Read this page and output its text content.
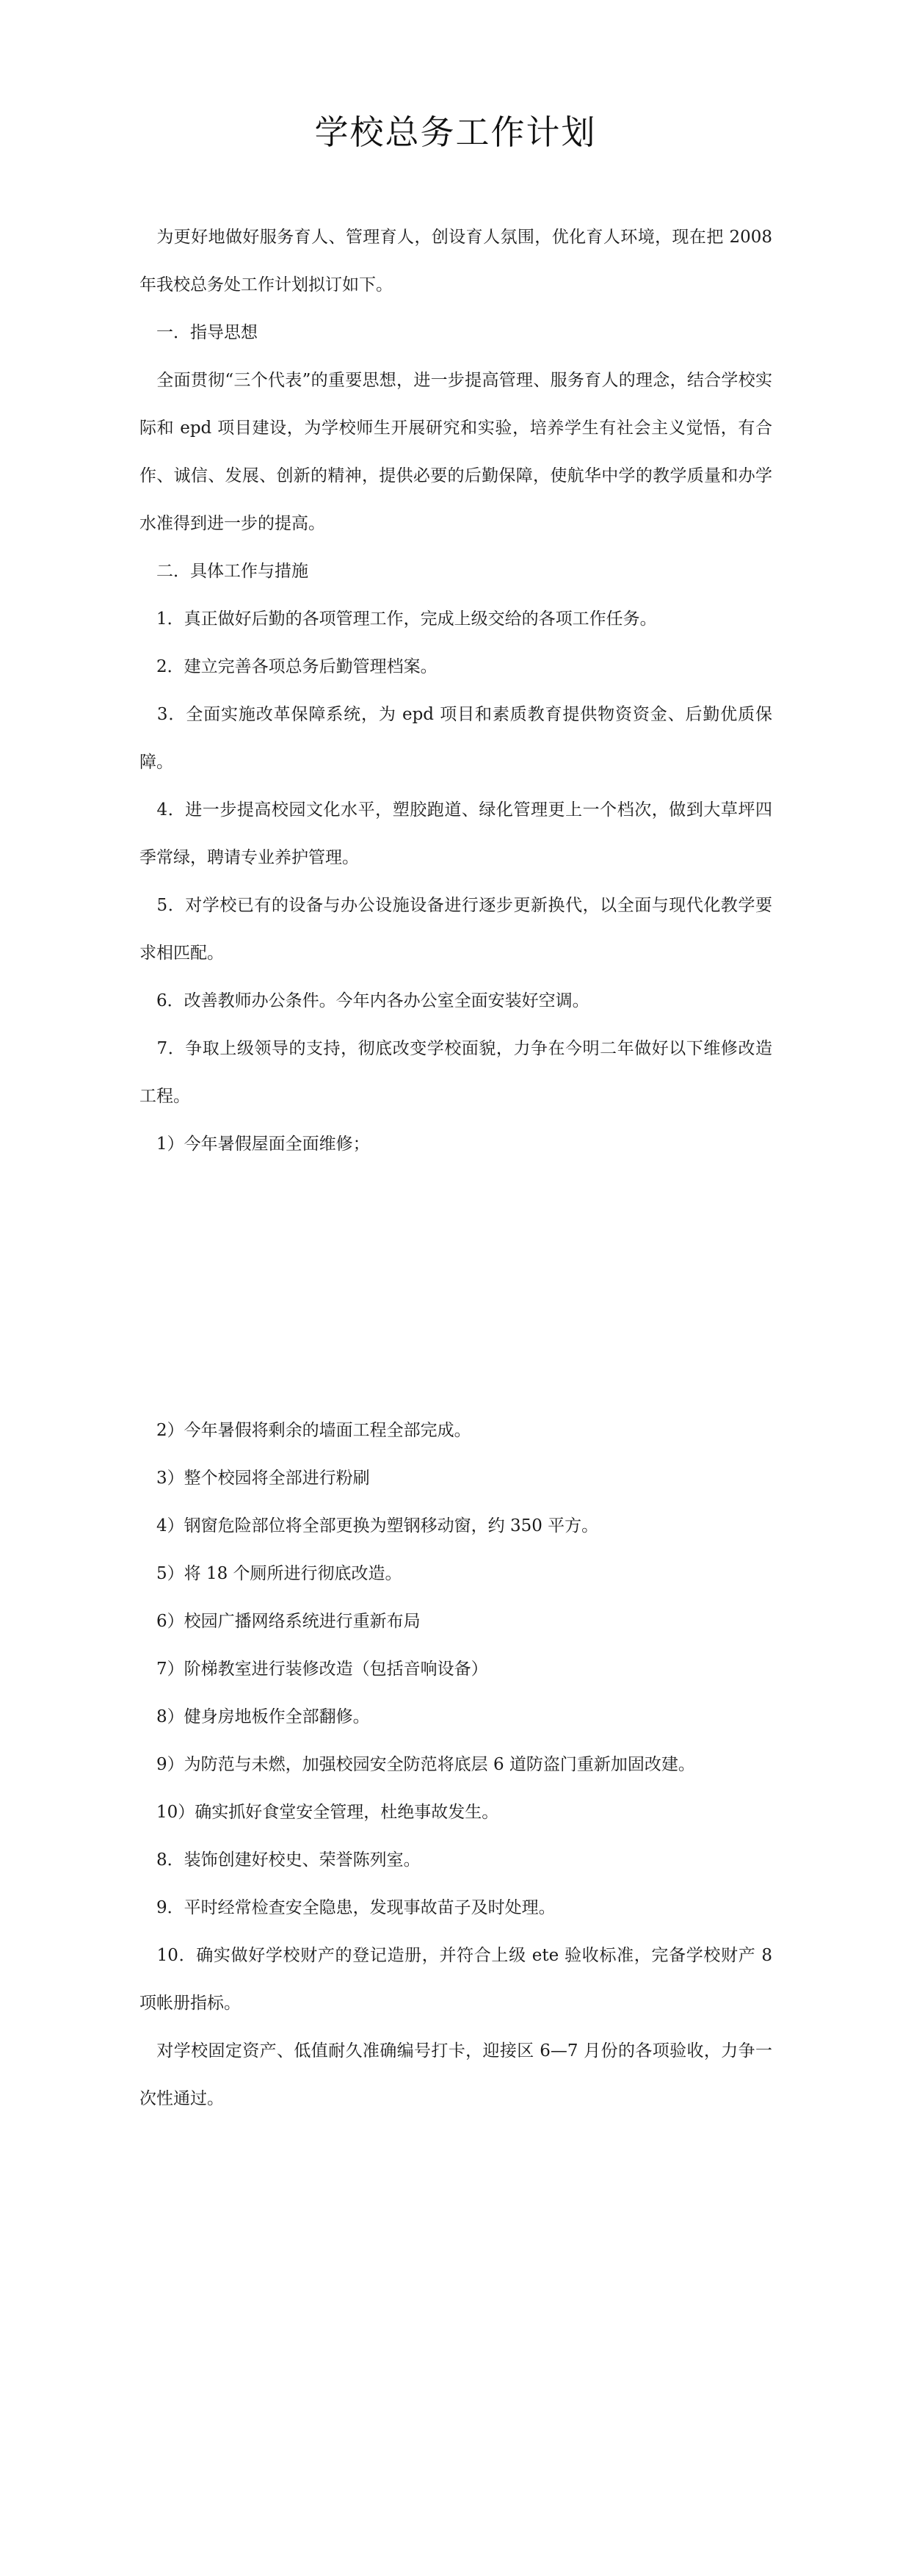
学校总务工作计划

　为更好地做好服务育人、管理育人，创设育人氛围，优化育人环境，现在把 2008 年我校总务处工作计划拟订如下。

　一．指导思想

　全面贯彻“三个代表”的重要思想，进一步提高管理、服务育人的理念，结合学校实际和 epd 项目建设，为学校师生开展研究和实验，培养学生有社会主义觉悟，有合作、诚信、发展、创新的精神，提供必要的后勤保障，使航华中学的教学质量和办学水准得到进一步的提高。

　二．具体工作与措施

　1．真正做好后勤的各项管理工作，完成上级交给的各项工作任务。

　2．建立完善各项总务后勤管理档案。

　3．全面实施改革保障系统，为 epd 项目和素质教育提供物资资金、后勤优质保障。

　4．进一步提高校园文化水平，塑胶跑道、绿化管理更上一个档次，做到大草坪四季常绿，聘请专业养护管理。

　5．对学校已有的设备与办公设施设备进行逐步更新换代，以全面与现代化教学要求相匹配。

　6．改善教师办公条件。今年内各办公室全面安装好空调。

　7．争取上级领导的支持，彻底改变学校面貌，力争在今明二年做好以下维修改造工程。

　1）今年暑假屋面全面维修；

　2）今年暑假将剩余的墙面工程全部完成。

　3）整个校园将全部进行粉刷

　4）钢窗危险部位将全部更换为塑钢移动窗，约 350 平方。

　5）将 18 个厕所进行彻底改造。

　6）校园广播网络系统进行重新布局

　7）阶梯教室进行装修改造（包括音响设备）

　8）健身房地板作全部翻修。

　9）为防范与未燃，加强校园安全防范将底层 6 道防盗门重新加固改建。

　10）确实抓好食堂安全管理，杜绝事故发生。

　8．装饰创建好校史、荣誉陈列室。

　9．平时经常检查安全隐患，发现事故苗子及时处理。

　10．确实做好学校财产的登记造册，并符合上级 ete 验收标准，完备学校财产 8 项帐册指标。

　对学校固定资产、低值耐久准确编号打卡，迎接区 6—7 月份的各项验收，力争一次性通过。
